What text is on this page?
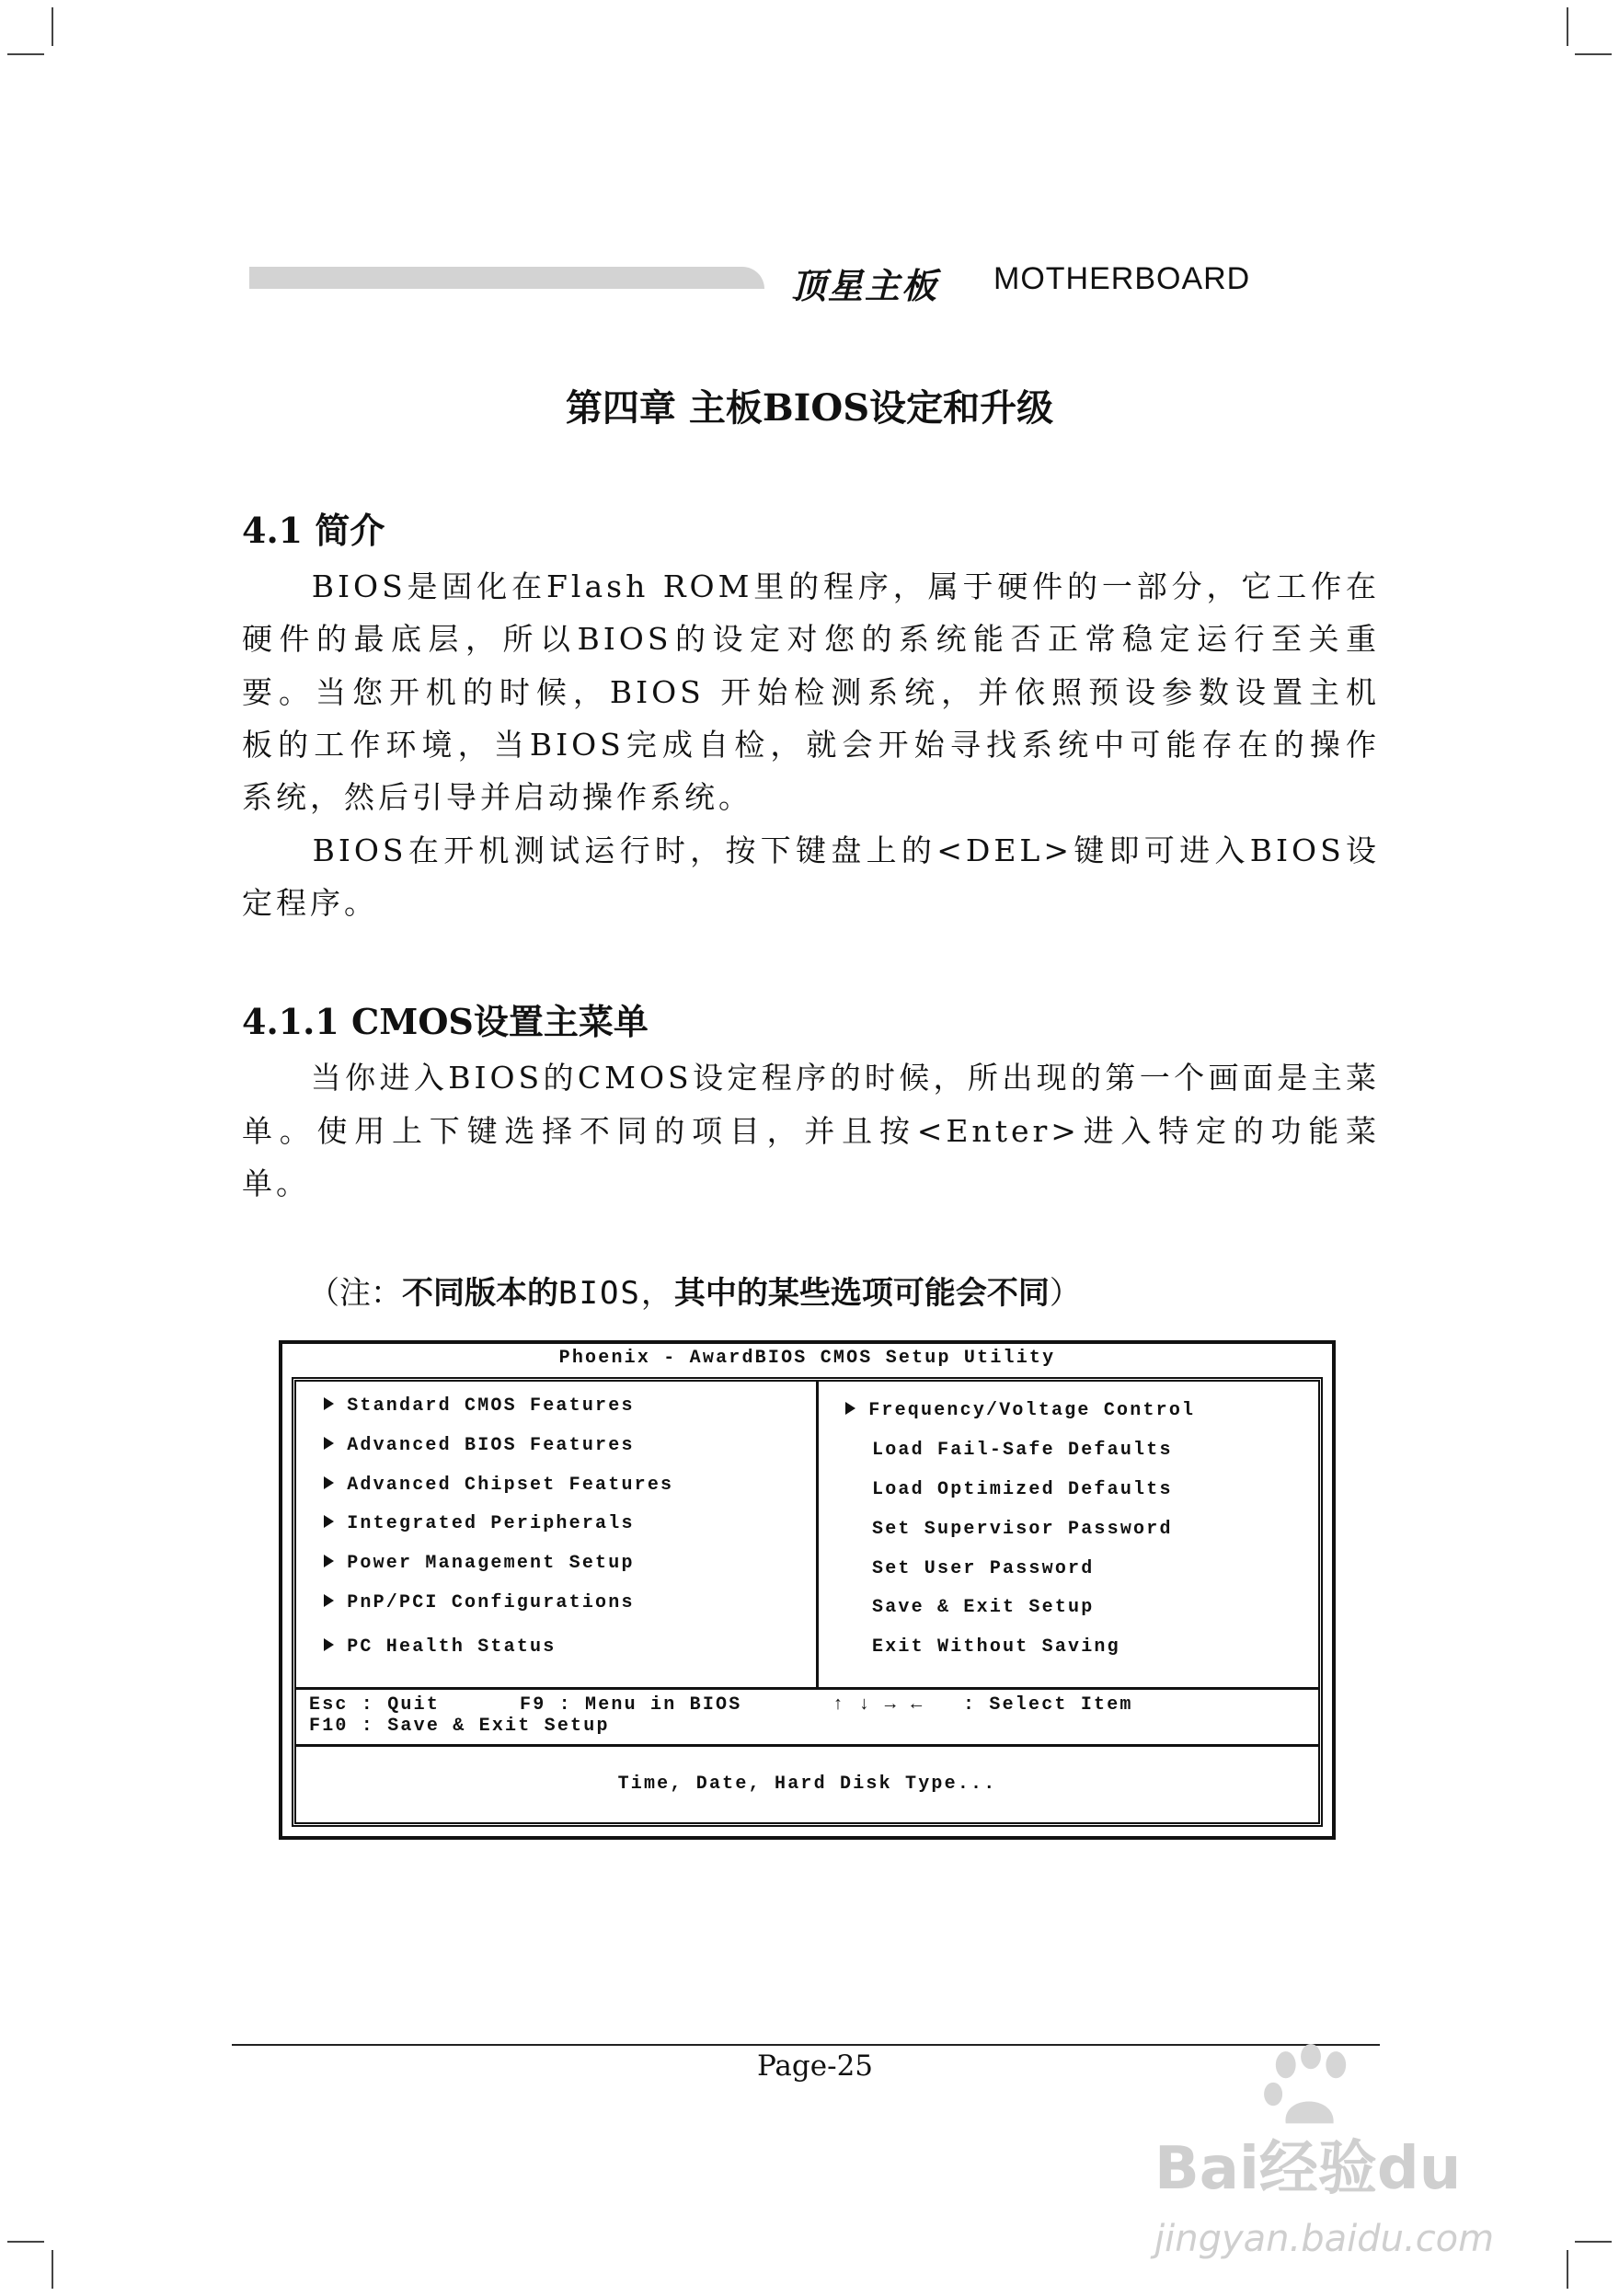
顶星主板 MOTHERBOARD
第四章 主板BIOS设定和升级
4.1 简介
　　BIOS是固化在Flash ROM里的程序，属于硬件的一部分，它工作在
硬件的最底层，所以BIOS的设定对您的系统能否正常稳定运行至关重
要。当您开机的时候，BIOS 开始检测系统，并依照预设参数设置主机
板的工作环境，当BIOS完成自检，就会开始寻找系统中可能存在的操作
系统，然后引导并启动操作系统。
　　BIOS在开机测试运行时，按下键盘上的<DEL>键即可进入BIOS设
定程序。
4.1.1 CMOS设置主菜单
　　当你进入BIOS的CMOS设定程序的时候，所出现的第一个画面是主菜
单。使用上下键选择不同的项目，并且按<Enter>进入特定的功能菜
单。
（注：不同版本的BIOS，其中的某些选项可能会不同）
Phoenix - AwardBIOS CMOS Setup Utility
Standard CMOS Features
Advanced BIOS Features
Advanced Chipset Features
Integrated Peripherals
Power Management Setup
PnP/PCI Configurations
PC Health Status
Frequency/Voltage Control
Load Fail-Safe Defaults
Load Optimized Defaults
Set Supervisor Password
Set User Password
Save & Exit Setup
Exit Without Saving
Esc : Quit	F9 : Menu in BIOS	↑ ↓ → ← : Select Item
F10 : Save & Exit Setup
Time, Date, Hard Disk Type...
Page-25
Bai经验du
jingyan.baidu.com
